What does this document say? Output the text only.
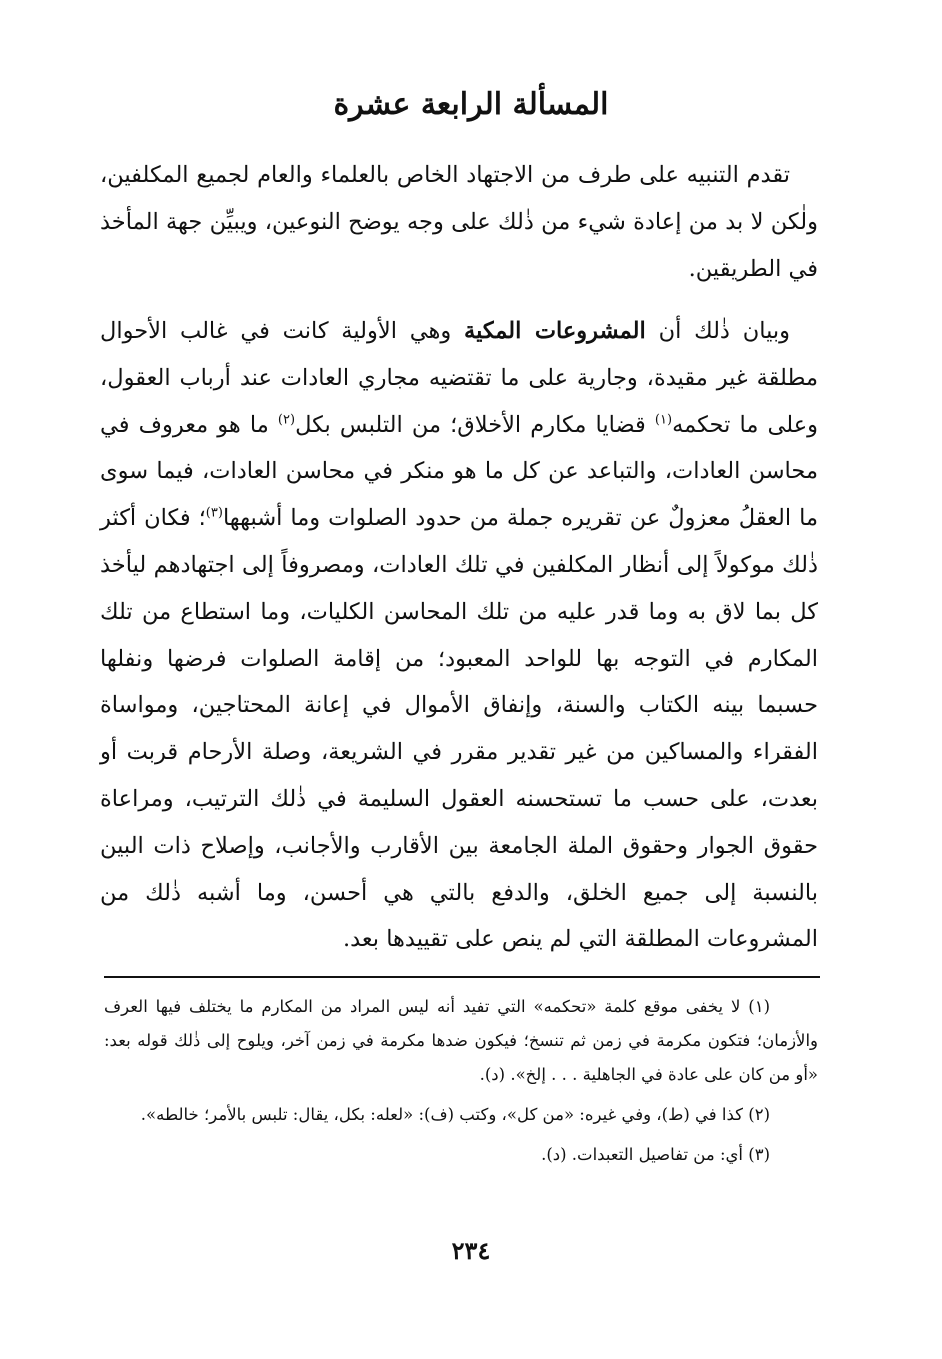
المسألة الرابعة عشرة

تقدم التنبيه على طرف من الاجتهاد الخاص بالعلماء والعام لجميع المكلفين، ولٰكن لا بد من إعادة شيء من ذٰلك على وجه يوضح النوعين، ويبيِّن جهة المأخذ في الطريقين.

وبيان ذٰلك أن المشروعات المكية وهي الأولية كانت في غالب الأحوال مطلقة غير مقيدة، وجارية على ما تقتضيه مجاري العادات عند أرباب العقول، وعلى ما تحكمه$^{(١)}$ قضايا مكارم الأخلاق؛ من التلبس بكل$^{(٢)}$ ما هو معروف في محاسن العادات، والتباعد عن كل ما هو منكر في محاسن العادات، فيما سوى ما العقلُ معزولٌ عن تقريره جملة من حدود الصلوات وما أشبهها$^{(٣)}$؛ فكان أكثر ذٰلك موكولاً إلى أنظار المكلفين في تلك العادات، ومصروفاً إلى اجتهادهم ليأخذ كل بما لاق به وما قدر عليه من تلك المحاسن الكليات، وما استطاع من تلك المكارم في التوجه بها للواحد المعبود؛ من إقامة الصلوات فرضها ونفلها حسبما بينه الكتاب والسنة، وإنفاق الأموال في إعانة المحتاجين، ومواساة الفقراء والمساكين من غير تقدير مقرر في الشريعة، وصلة الأرحام قربت أو بعدت، على حسب ما تستحسنه العقول السليمة في ذٰلك الترتيب، ومراعاة حقوق الجوار وحقوق الملة الجامعة بين الأقارب والأجانب، وإصلاح ذات البين بالنسبة إلى جميع الخلق، والدفع بالتي هي أحسن، وما أشبه ذٰلك من المشروعات المطلقة التي لم ينص على تقييدها بعد.

(١) لا يخفى موقع كلمة «تحكمه» التي تفيد أنه ليس المراد من المكارم ما يختلف فيها العرف والأزمان؛ فتكون مكرمة في زمن ثم تنسخ؛ فيكون ضدها مكرمة في زمن آخر، ويلوح إلى ذٰلك قوله بعد: «أو من كان على عادة في الجاهلية . . . إلخ». (د).

(٢) كذا في (ط)، وفي غيره: «من كل»، وكتب (ف): «لعله: بكل، يقال: تلبس بالأمر؛ خالطه».

(٣) أي: من تفاصيل التعبدات. (د).

٢٣٤
